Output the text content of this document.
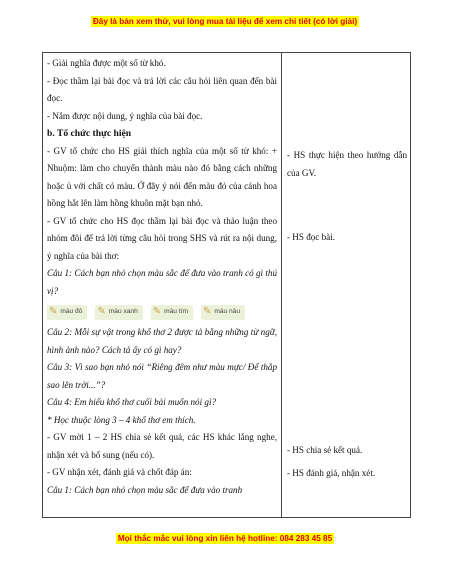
Đây là bản xem thử, vui lòng mua tài liệu để xem chi tiết (có lời giải)
- Giải nghĩa được một số từ khó.
- Đọc thầm lại bài đọc và trả lời các câu hỏi liên quan đến bài đọc.
- Nắm được nội dung, ý nghĩa của bài đọc.
b. Tổ chức thực hiện
- GV tổ chức cho HS giải thích nghĩa của một số từ khó: + Nhuộm: làm cho chuyển thành màu nào đó bằng cách những hoặc ủ với chất có màu. Ở đây ý nói đến màu đỏ của cánh hoa hồng hắt lên làm hồng khuôn mặt bạn nhỏ.
- GV tổ chức cho HS đọc thầm lại bài đọc và thảo luận theo nhóm đôi để trả lời từng câu hỏi trong SHS và rút ra nội dung, ý nghĩa của bài thơ:
Câu 1: Cách bạn nhỏ chọn màu sắc để đưa vào tranh có gì thú vị?
✎ màu đỏ ✎ màu xanh ✎ màu tím ✎ màu nâu
Câu 2: Mỗi sự vật trong khổ thơ 2 được tả bằng những từ ngữ, hình ảnh nào? Cách tả ấy có gì hay?
Câu 3: Vì sao bạn nhỏ nói “Riêng đêm như màu mực/ Để thắp sao lên trời...”?
Câu 4: Em hiểu khổ thơ cuối bài muốn nói gì?
* Học thuộc lòng 3 – 4 khổ thơ em thích.
- GV mời 1 – 2 HS chia sẻ kết quả, các HS khác lắng nghe, nhận xét và bổ sung (nếu có).
- GV nhận xét, đánh giá và chốt đáp án:
Câu 1: Cách bạn nhỏ chọn màu sắc để đưa vào tranh
- HS thực hiện theo hướng dẫn của GV.
- HS đọc bài.
- HS chia sẻ kết quả.
- HS đánh giá, nhận xét.
Mọi thắc mắc vui lòng xin liên hệ hotline: 084 283 45 85
